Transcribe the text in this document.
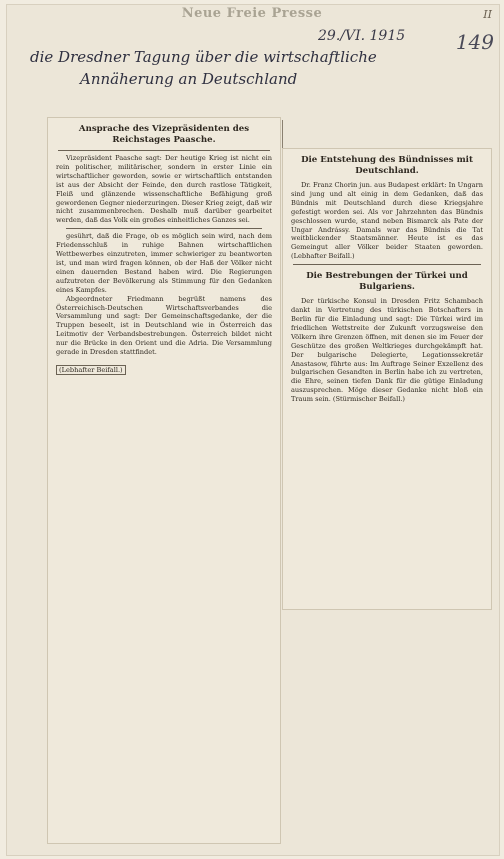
Neue Freie Presse	II
29./VI. 1915	149
die Dresdner Tagung über die wirtschaftliche
Annäherung an Deutschland
Ansprache des Vizepräsidenten des Reichstages Paasche.

Vizepräsident Paasche sagt: Der heutige Krieg ist nicht ein rein politischer, militärischer, sondern in erster Linie ein wirtschaftlicher geworden, sowie er wirtschaftlich entstanden ist aus der Absicht der Feinde, den durch rastlose Tätigkeit, Fleiß und glänzende wissenschaftliche Befähigung groß gewordenen Gegner niederzuringen. Dieser Krieg zeigt, daß wir nicht zusammenbrechen. Deshalb muß darüber gearbeitet werden, daß das Volk ein großes einheitliches Ganzes sei.

gesührt, daß die Frage, ob es möglich sein wird, nach dem Friedensschluß in ruhige Bahnen wirtschaftlichen Wettbewerbes einzutreten, immer schwieriger zu beantworten ist, und man wird fragen können, ob der Haß der Völker nicht einen dauernden Bestand haben wird. Die Regierungen aufzutreten der Bevölkerung als Stimmung für den Gedanken eines Kampfes.

Abgeordneter Friedmann begrüßt namens des Österreichisch-Deutschen Wirtschaftsverbandes die Versammlung und sagt: Der Gemeinschaftsgedanke, der die Truppen beseelt, ist in Deutschland wie in Österreich das Leitmotiv der Verbandsbestrebungen. Österreich bildet nicht nur die Brücke in den Orient und die Adria. Die Versammlung gerade in Dresden stattfindet.

(Lebhafter Beifall.)
Die Entstehung des Bündnisses mit Deutschland.

Dr. Franz Chorin jun. aus Budapest erklärt: In Ungarn sind jung und alt einig in dem Gedanken, daß das Bündnis mit Deutschland durch diese Kriegsjahre gefestigt worden sei. Als vor Jahrzehnten das Bündnis geschlossen wurde, stand neben Bismarck als Pate der Ungar Andrássy. Damals war das Bündnis die Tat weitblickender Staatsmänner. Heute ist es das Gemeingut aller Völker beider Staaten geworden. (Lebhafter Beifall.)

Die Bestrebungen der Türkei und Bulgariens.

Der türkische Konsul in Dresden Fritz Schambach dankt in Vertretung des türkischen Botschafters in Berlin für die Einladung und sagt: Die Türkei wird im friedlichen Wettstreite der Zukunft vorzugsweise den Völkern ihre Grenzen öffnen, mit denen sie im Feuer der Geschütze des großen Weltkrieges durchgekämpft hat. Der bulgarische Delegierte, Legationssekretär Anastasow, führte aus: Im Auftrage Seiner Exzellenz des bulgarischen Gesandten in Berlin habe ich zu vertreten, die Ehre, seinen tiefen Dank für die gütige Einladung auszusprechen. Möge dieser Gedanke nicht bloß ein Traum sein. (Stürmischer Beifall.)
